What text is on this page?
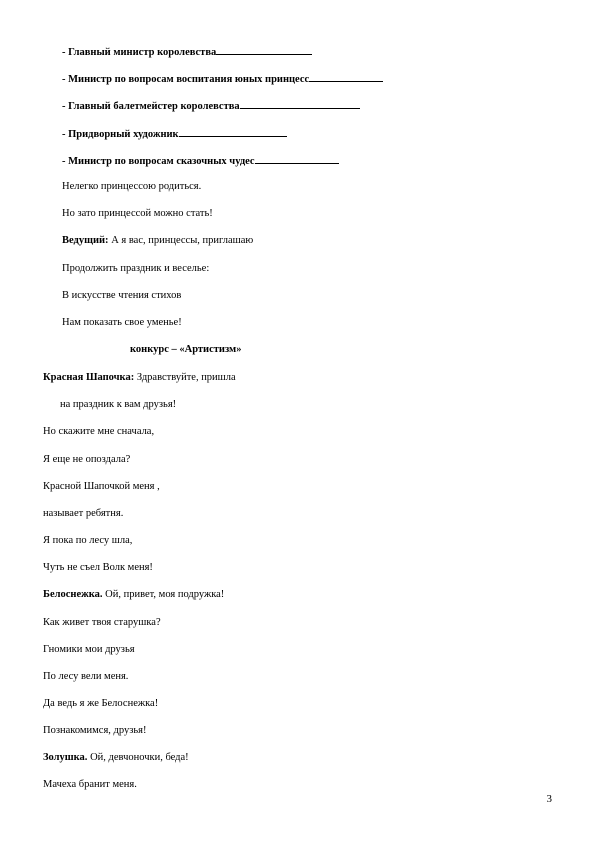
- Главный министр королевства
- Министр по вопросам воспитания юных принцесс
- Главный балетмейстер королевства
- Придворный художник
- Министр по вопросам сказочных чудес
Нелегко принцессою родиться.
Но зато принцессой можно стать!
Ведущий: А я вас, принцессы, приглашаю
Продолжить праздник и веселье:
В искусстве чтения стихов
Нам показать свое уменье!
конкурс – «Артистизм»
Красная Шапочка: Здравствуйте, пришла
на праздник к вам друзья!
Но скажите мне сначала,
Я еще не опоздала?
Красной Шапочкой меня ,
называет ребятня.
Я пока по лесу шла,
Чуть не съел Волк меня!
Белоснежка. Ой, привет, моя подружка!
Как живет твоя старушка?
Гномики мои друзья
По лесу вели меня.
Да ведь я же Белоснежка!
Познакомимся, друзья!
Золушка. Ой, девчоночки, беда!
Мачеха бранит меня.
3
